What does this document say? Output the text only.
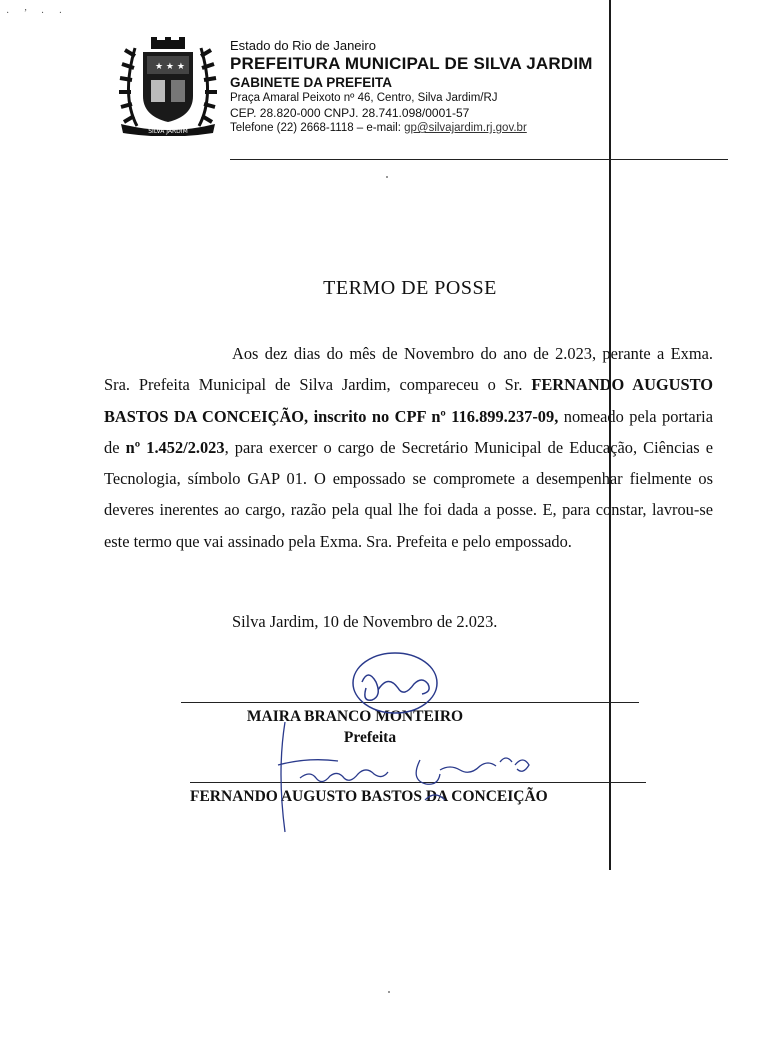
· ’ · ·
★ ★ ★
SILVA JARDIM
Estado do Rio de Janeiro
PREFEITURA MUNICIPAL DE SILVA JARDIM
GABINETE DA PREFEITA
Praça Amaral Peixoto nº 46, Centro, Silva Jardim/RJ
CEP. 28.820-000 CNPJ. 28.741.098/0001-57
Telefone (22) 2668-1118 – e-mail: gp@silvajardim.rj.gov.br
TERMO DE POSSE

Aos dez dias do mês de Novembro do ano de 2.023, perante a Exma. Sra. Prefeita Municipal de Silva Jardim, compareceu o Sr. FERNANDO AUGUSTO BASTOS DA CONCEIÇÃO, inscrito no CPF nº 116.899.237-09, nomeado pela portaria de nº 1.452/2.023, para exercer o cargo de Secretário Municipal de Educação, Ciências e Tecnologia, símbolo GAP 01. O empossado se compromete a desempenhar fielmente os deveres inerentes ao cargo, razão pela qual lhe foi dada a posse. E, para constar, lavrou-se este termo que vai assinado pela Exma. Sra. Prefeita e pelo empossado.

Silva Jardim, 10 de Novembro de 2.023.
MAIRA BRANCO MONTEIRO
Prefeita
FERNANDO AUGUSTO BASTOS DA CONCEIÇÃO
